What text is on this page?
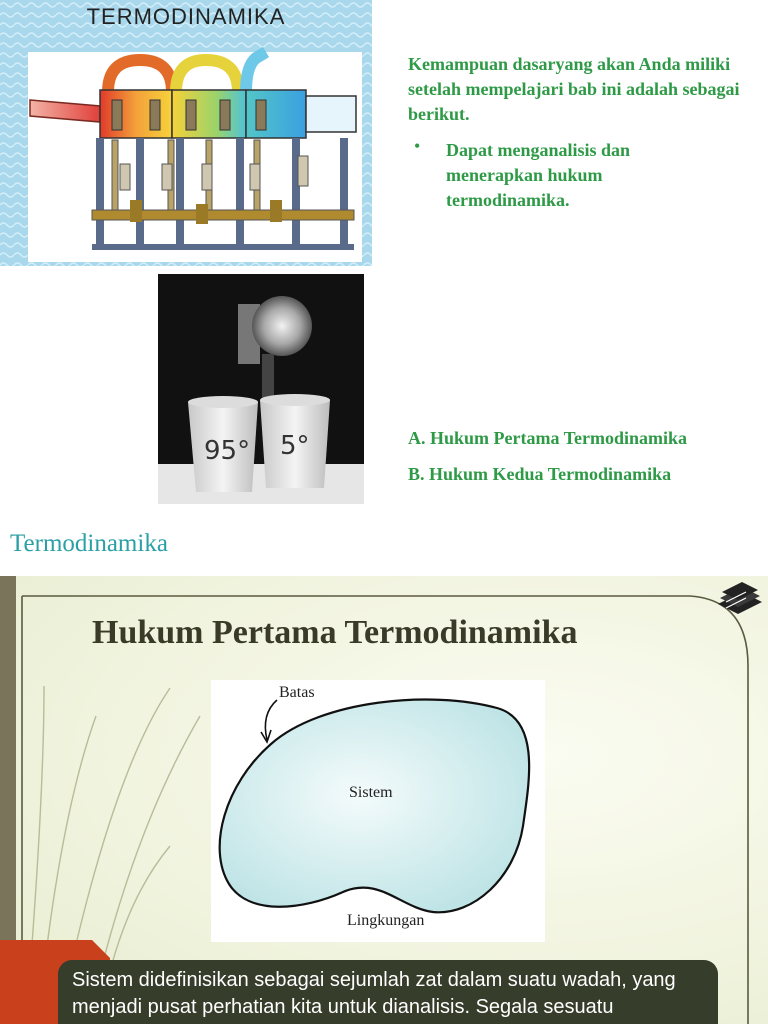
TERMODINAMIKA
95° 5°
Termodinamika

Kemampuan dasaryang akan Anda miliki setelah mempelajari bab ini adalah sebagai berikut.

• Dapat menganalisis dan menerapkan hukum termodinamika.

A. Hukum Pertama Termodinamika

B. Hukum Kedua Termodinamika

Hukum Pertama Termodinamika
Batas
Sistem
Lingkungan
Sistem didefinisikan sebagai sejumlah zat dalam suatu wadah, yang menjadi pusat perhatian kita untuk dianalisis. Segala sesuatu
